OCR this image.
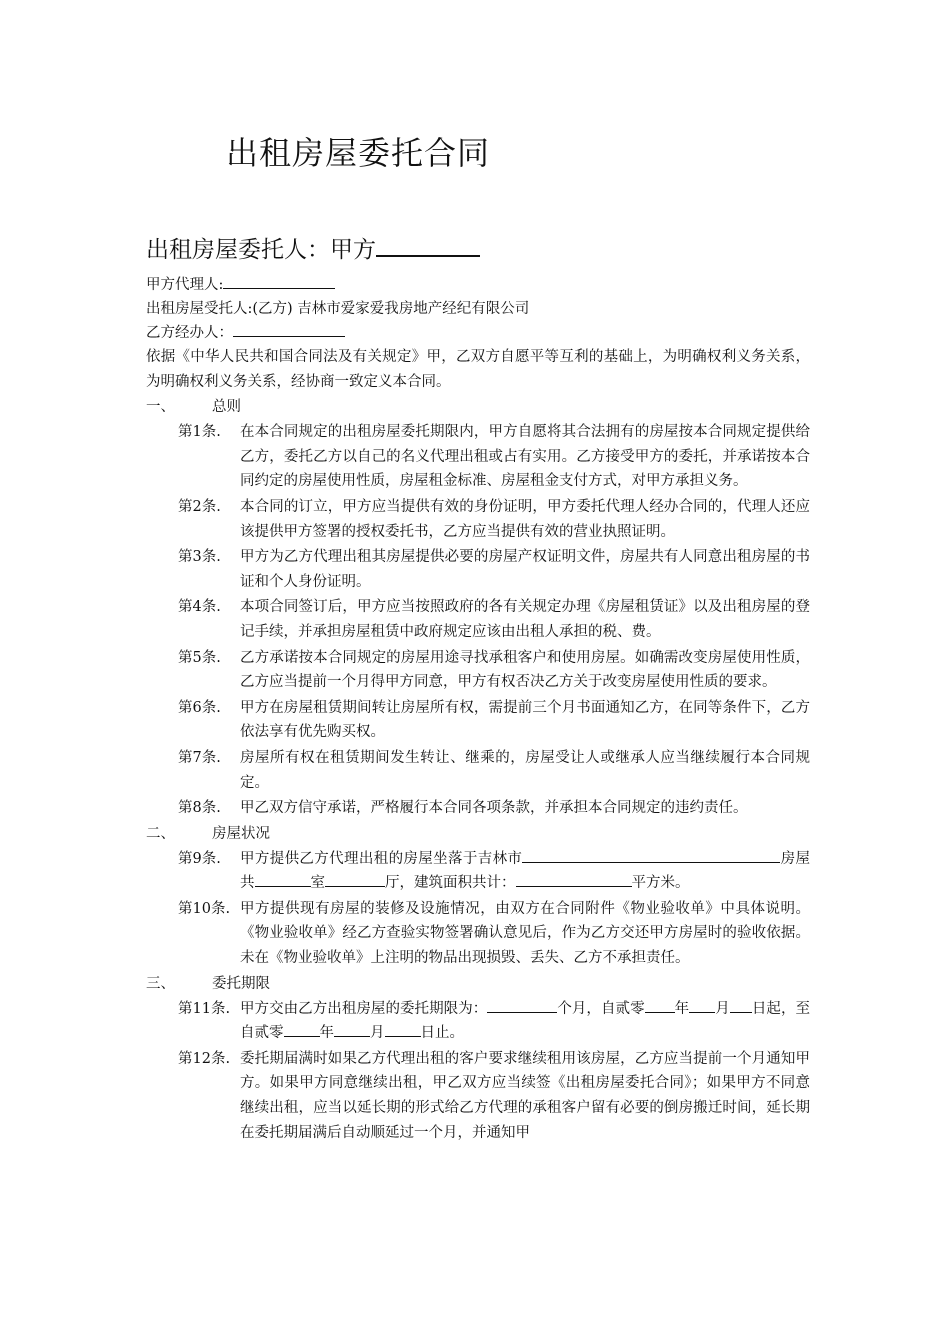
出租房屋委托合同
出租房屋委托人：甲方
甲方代理人:
出租房屋受托人:(乙方) 吉林市爱家爱我房地产经纪有限公司
乙方经办人：
依据《中华人民共和国合同法及有关规定》甲，乙双方自愿平等互利的基础上，为明确权利义务关系，为明确权利义务关系，经协商一致定义本合同。
一、	总则
第1条. 在本合同规定的出租房屋委托期限内，甲方自愿将其合法拥有的房屋按本合同规定提供给乙方，委托乙方以自己的名义代理出租或占有实用。乙方接受甲方的委托，并承诺按本合同约定的房屋使用性质，房屋租金标准、房屋租金支付方式，对甲方承担义务。
第2条. 本合同的订立，甲方应当提供有效的身份证明，甲方委托代理人经办合同的，代理人还应该提供甲方签署的授权委托书，乙方应当提供有效的营业执照证明。
第3条. 甲方为乙方代理出租其房屋提供必要的房屋产权证明文件，房屋共有人同意出租房屋的书证和个人身份证明。
第4条. 本项合同签订后，甲方应当按照政府的各有关规定办理《房屋租赁证》以及出租房屋的登记手续，并承担房屋租赁中政府规定应该由出租人承担的税、费。
第5条. 乙方承诺按本合同规定的房屋用途寻找承租客户和使用房屋。如确需改变房屋使用性质，乙方应当提前一个月得甲方同意，甲方有权否决乙方关于改变房屋使用性质的要求。
第6条. 甲方在房屋租赁期间转让房屋所有权，需提前三个月书面通知乙方，在同等条件下，乙方依法享有优先购买权。
第7条. 房屋所有权在租赁期间发生转让、继乘的，房屋受让人或继承人应当继续履行本合同规定。
第8条. 甲乙双方信守承诺，严格履行本合同各项条款，并承担本合同规定的违约责任。
二、	房屋状况
第9条. 甲方提供乙方代理出租的房屋坐落于吉林市	房屋共	室	厅，建筑面积共计：	平方米。
第10条. 甲方提供现有房屋的装修及设施情况，由双方在合同附件《物业验收单》中具体说明。《物业验收单》经乙方查验实物签署确认意见后，作为乙方交还甲方房屋时的验收依据。未在《物业验收单》上注明的物品出现损毁、丢失、乙方不承担责任。
三、	委托期限
第11条. 甲方交由乙方出租房屋的委托期限为：	个月，自贰零 年 月 日起，至自贰零 年 月 日止。
第12条. 委托期届满时如果乙方代理出租的客户要求继续租用该房屋，乙方应当提前一个月通知甲方。如果甲方同意继续出租，甲乙双方应当续签《出租房屋委托合同》；如果甲方不同意继续出租，应当以延长期的形式给乙方代理的承租客户留有必要的倒房搬迁时间，延长期在委托期届满后自动顺延过一个月，并通知甲
